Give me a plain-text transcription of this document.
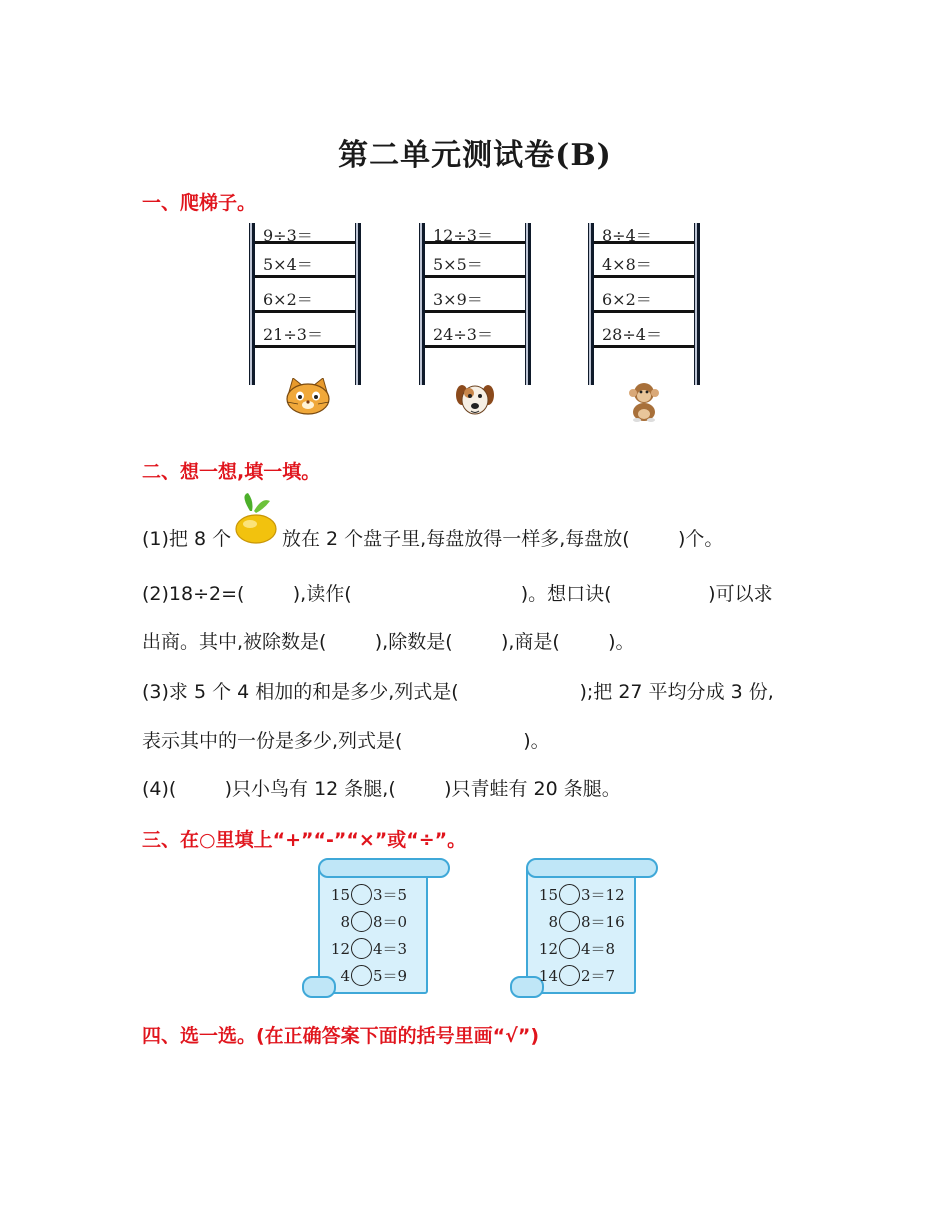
第二单元测试卷(B)
一、爬梯子。
9÷3＝
5×4＝
6×2＝
21÷3＝
12÷3＝
5×5＝
3×9＝
24÷3＝
8÷4＝
4×8＝
6×2＝
28÷4＝
二、想一想,填一填。
(1)把 8 个	放在 2 个盘子里,每盘放得一样多,每盘放(        )个。
(2)18÷2=(        ),读作(                            )。想口诀(                )可以求
出商。其中,被除数是(        ),除数是(        ),商是(        )。
(3)求 5 个 4 相加的和是多少,列式是(                    );把 27 平均分成 3 份,
表示其中的一份是多少,列式是(                    )。
(4)(        )只小鸟有 12 条腿,(        )只青蛙有 20 条腿。
三、在○里填上“+”“-”“×”或“÷”。
15 3＝5
8 8＝0
12 4＝3
4 5＝9
15 3＝12
8 8＝16
12 4＝8
14 2＝7
四、选一选。(在正确答案下面的括号里画“√”)
